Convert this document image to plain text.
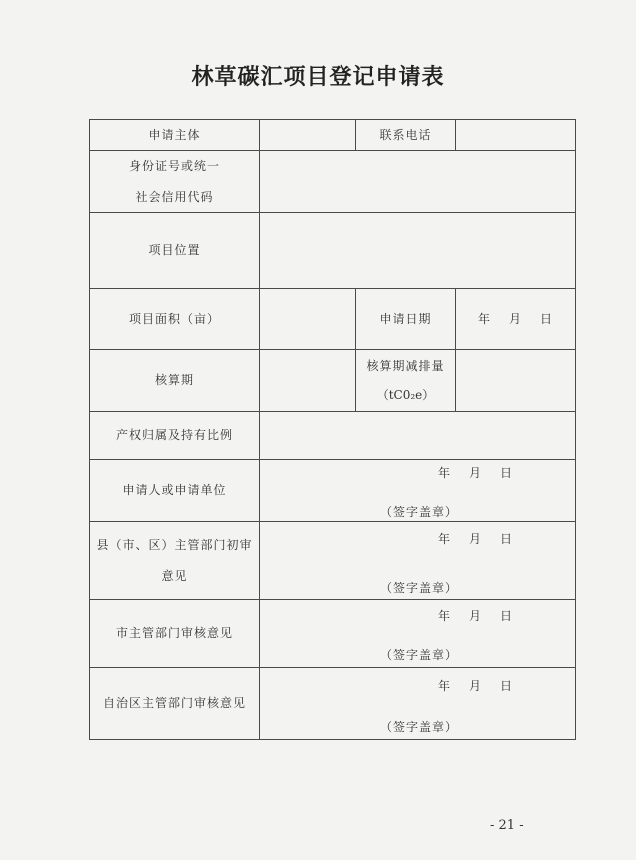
林草碳汇项目登记申请表
申请主体		联系电话	

身份证号或统一
社会信用代码			

项目位置			
项目面积（亩）		申请日期	年 月 日
核算期		核算期减排量
（tC0₂e）	

产权归属及持有比例			
申请人或申请单位	（签字盖章）
年 月 日		

县（市、区）主管部门初审
意见	（签字盖章）
年 月 日		

市主管部门审核意见	（签字盖章）
年 月 日		

自治区主管部门审核意见	（签字盖章）
年 月 日		
- 21 -
